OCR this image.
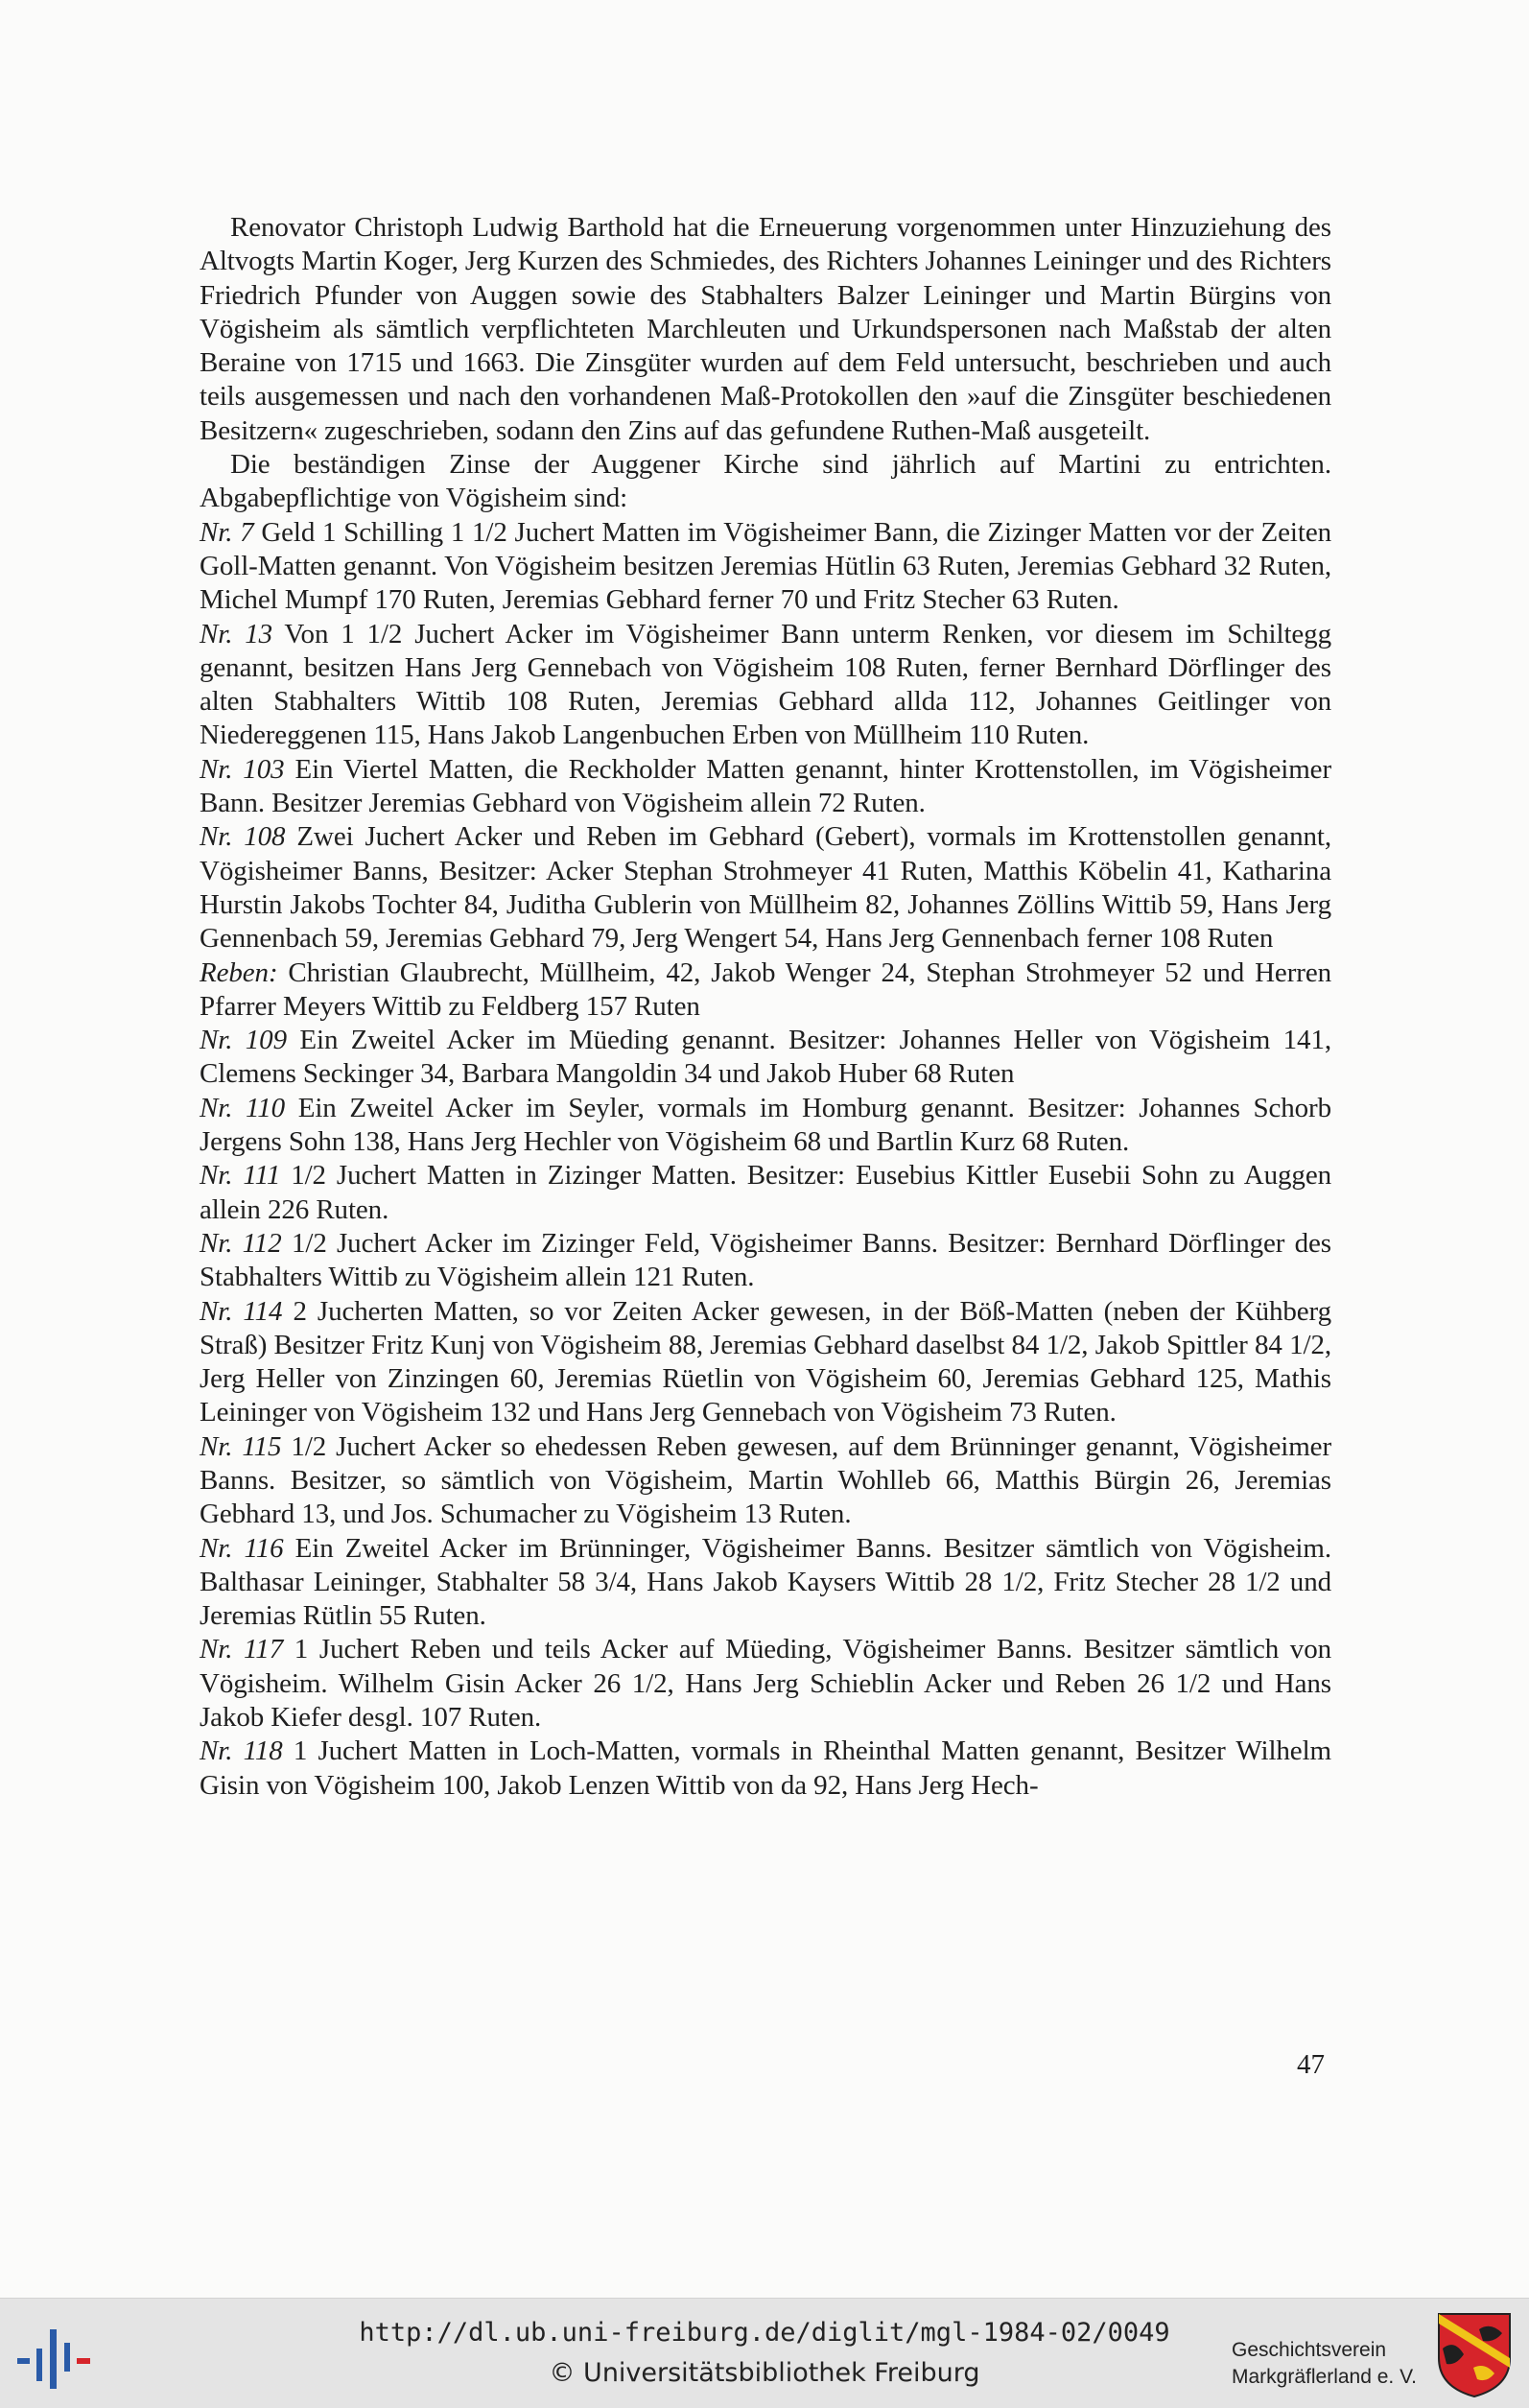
Renovator Christoph Ludwig Barthold hat die Erneuerung vorgenommen unter Hinzuziehung des Altvogts Martin Koger, Jerg Kurzen des Schmiedes, des Richters Johannes Leininger und des Richters Friedrich Pfunder von Auggen sowie des Stabhalters Balzer Leininger und Martin Bürgins von Vögisheim als sämtlich verpflichteten Marchleuten und Urkundspersonen nach Maßstab der alten Beraine von 1715 und 1663. Die Zinsgüter wurden auf dem Feld untersucht, beschrieben und auch teils ausgemessen und nach den vorhandenen Maß-Protokollen den »auf die Zinsgüter beschiedenen Besitzern« zugeschrieben, sodann den Zins auf das gefundene Ruthen-Maß ausgeteilt.

Die beständigen Zinse der Auggener Kirche sind jährlich auf Martini zu entrichten. Abgabepflichtige von Vögisheim sind:

Nr. 7 Geld 1 Schilling 1 1/2 Juchert Matten im Vögisheimer Bann, die Zizinger Matten vor der Zeiten Goll-Matten genannt. Von Vögisheim besitzen Jeremias Hütlin 63 Ruten, Jeremias Gebhard 32 Ruten, Michel Mumpf 170 Ruten, Jeremias Gebhard ferner 70 und Fritz Stecher 63 Ruten.

Nr. 13 Von 1 1/2 Juchert Acker im Vögisheimer Bann unterm Renken, vor diesem im Schiltegg genannt, besitzen Hans Jerg Gennebach von Vögisheim 108 Ruten, ferner Bernhard Dörflinger des alten Stabhalters Wittib 108 Ruten, Jeremias Gebhard allda 112, Johannes Geitlinger von Niedereggenen 115, Hans Jakob Langenbuchen Erben von Müllheim 110 Ruten.

Nr. 103 Ein Viertel Matten, die Reckholder Matten genannt, hinter Krottenstollen, im Vögisheimer Bann. Besitzer Jeremias Gebhard von Vögisheim allein 72 Ruten.

Nr. 108 Zwei Juchert Acker und Reben im Gebhard (Gebert), vormals im Krottenstollen genannt, Vögisheimer Banns, Besitzer: Acker Stephan Strohmeyer 41 Ruten, Matthis Köbelin 41, Katharina Hurstin Jakobs Tochter 84, Juditha Gublerin von Müllheim 82, Johannes Zöllins Wittib 59, Hans Jerg Gennenbach 59, Jeremias Gebhard 79, Jerg Wengert 54, Hans Jerg Gennenbach ferner 108 Ruten

Reben: Christian Glaubrecht, Müllheim, 42, Jakob Wenger 24, Stephan Strohmeyer 52 und Herren Pfarrer Meyers Wittib zu Feldberg 157 Ruten

Nr. 109 Ein Zweitel Acker im Müeding genannt. Besitzer: Johannes Heller von Vögisheim 141, Clemens Seckinger 34, Barbara Mangoldin 34 und Jakob Huber 68 Ruten

Nr. 110 Ein Zweitel Acker im Seyler, vormals im Homburg genannt. Besitzer: Johannes Schorb Jergens Sohn 138, Hans Jerg Hechler von Vögisheim 68 und Bartlin Kurz 68 Ruten.

Nr. 111 1/2 Juchert Matten in Zizinger Matten. Besitzer: Eusebius Kittler Eusebii Sohn zu Auggen allein 226 Ruten.

Nr. 112 1/2 Juchert Acker im Zizinger Feld, Vögisheimer Banns. Besitzer: Bernhard Dörflinger des Stabhalters Wittib zu Vögisheim allein 121 Ruten.

Nr. 114 2 Jucherten Matten, so vor Zeiten Acker gewesen, in der Böß-Matten (neben der Kühberg Straß) Besitzer Fritz Kunj von Vögisheim 88, Jeremias Gebhard daselbst 84 1/2, Jakob Spittler 84 1/2, Jerg Heller von Zinzingen 60, Jeremias Rüetlin von Vögisheim 60, Jeremias Gebhard 125, Mathis Leininger von Vögisheim 132 und Hans Jerg Gennebach von Vögisheim 73 Ruten.

Nr. 115 1/2 Juchert Acker so ehedessen Reben gewesen, auf dem Brünninger genannt, Vögisheimer Banns. Besitzer, so sämtlich von Vögisheim, Martin Wohlleb 66, Matthis Bürgin 26, Jeremias Gebhard 13, und Jos. Schumacher zu Vögisheim 13 Ruten.

Nr. 116 Ein Zweitel Acker im Brünninger, Vögisheimer Banns. Besitzer sämtlich von Vögisheim. Balthasar Leininger, Stabhalter 58 3/4, Hans Jakob Kaysers Wittib 28 1/2, Fritz Stecher 28 1/2 und Jeremias Rütlin 55 Ruten.

Nr. 117 1 Juchert Reben und teils Acker auf Müeding, Vögisheimer Banns. Besitzer sämtlich von Vögisheim. Wilhelm Gisin Acker 26 1/2, Hans Jerg Schieblin Acker und Reben 26 1/2 und Hans Jakob Kiefer desgl. 107 Ruten.

Nr. 118 1 Juchert Matten in Loch-Matten, vormals in Rheinthal Matten genannt, Besitzer Wilhelm Gisin von Vögisheim 100, Jakob Lenzen Wittib von da 92, Hans Jerg Hech-

47
http://dl.ub.uni-freiburg.de/diglit/mgl-1984-02/0049
© Universitätsbibliothek Freiburg
Geschichtsverein
Markgräflerland e. V.
